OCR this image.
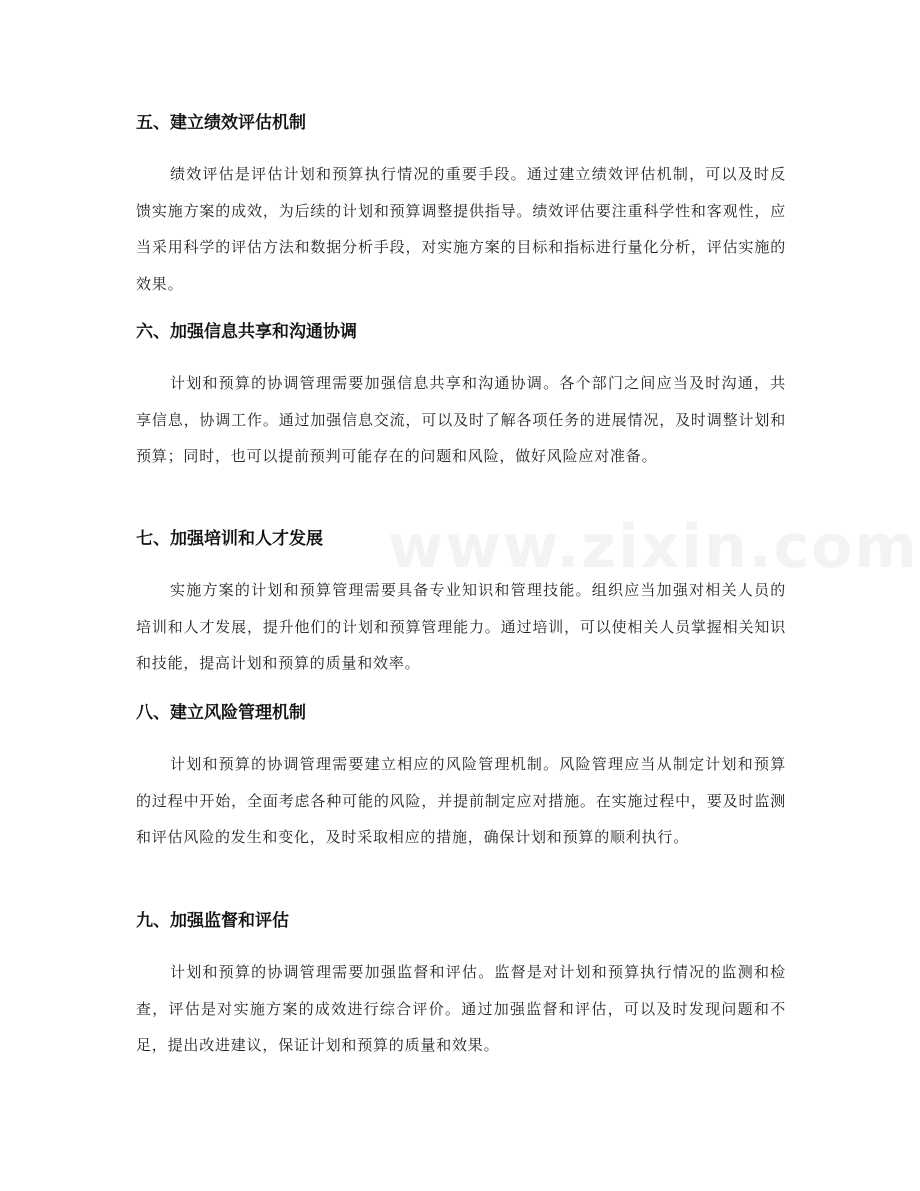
五、建立绩效评估机制

绩效评估是评估计划和预算执行情况的重要手段。通过建立绩效评估机制，可以及时反馈实施方案的成效，为后续的计划和预算调整提供指导。绩效评估要注重科学性和客观性，应当采用科学的评估方法和数据分析手段，对实施方案的目标和指标进行量化分析，评估实施的效果。

六、加强信息共享和沟通协调

计划和预算的协调管理需要加强信息共享和沟通协调。各个部门之间应当及时沟通，共享信息，协调工作。通过加强信息交流，可以及时了解各项任务的进展情况，及时调整计划和预算；同时，也可以提前预判可能存在的问题和风险，做好风险应对准备。

七、加强培训和人才发展

实施方案的计划和预算管理需要具备专业知识和管理技能。组织应当加强对相关人员的培训和人才发展，提升他们的计划和预算管理能力。通过培训，可以使相关人员掌握相关知识和技能，提高计划和预算的质量和效率。

八、建立风险管理机制

计划和预算的协调管理需要建立相应的风险管理机制。风险管理应当从制定计划和预算的过程中开始，全面考虑各种可能的风险，并提前制定应对措施。在实施过程中，要及时监测和评估风险的发生和变化，及时采取相应的措施，确保计划和预算的顺利执行。

九、加强监督和评估

计划和预算的协调管理需要加强监督和评估。监督是对计划和预算执行情况的监测和检查，评估是对实施方案的成效进行综合评价。通过加强监督和评估，可以及时发现问题和不足，提出改进建议，保证计划和预算的质量和效果。
